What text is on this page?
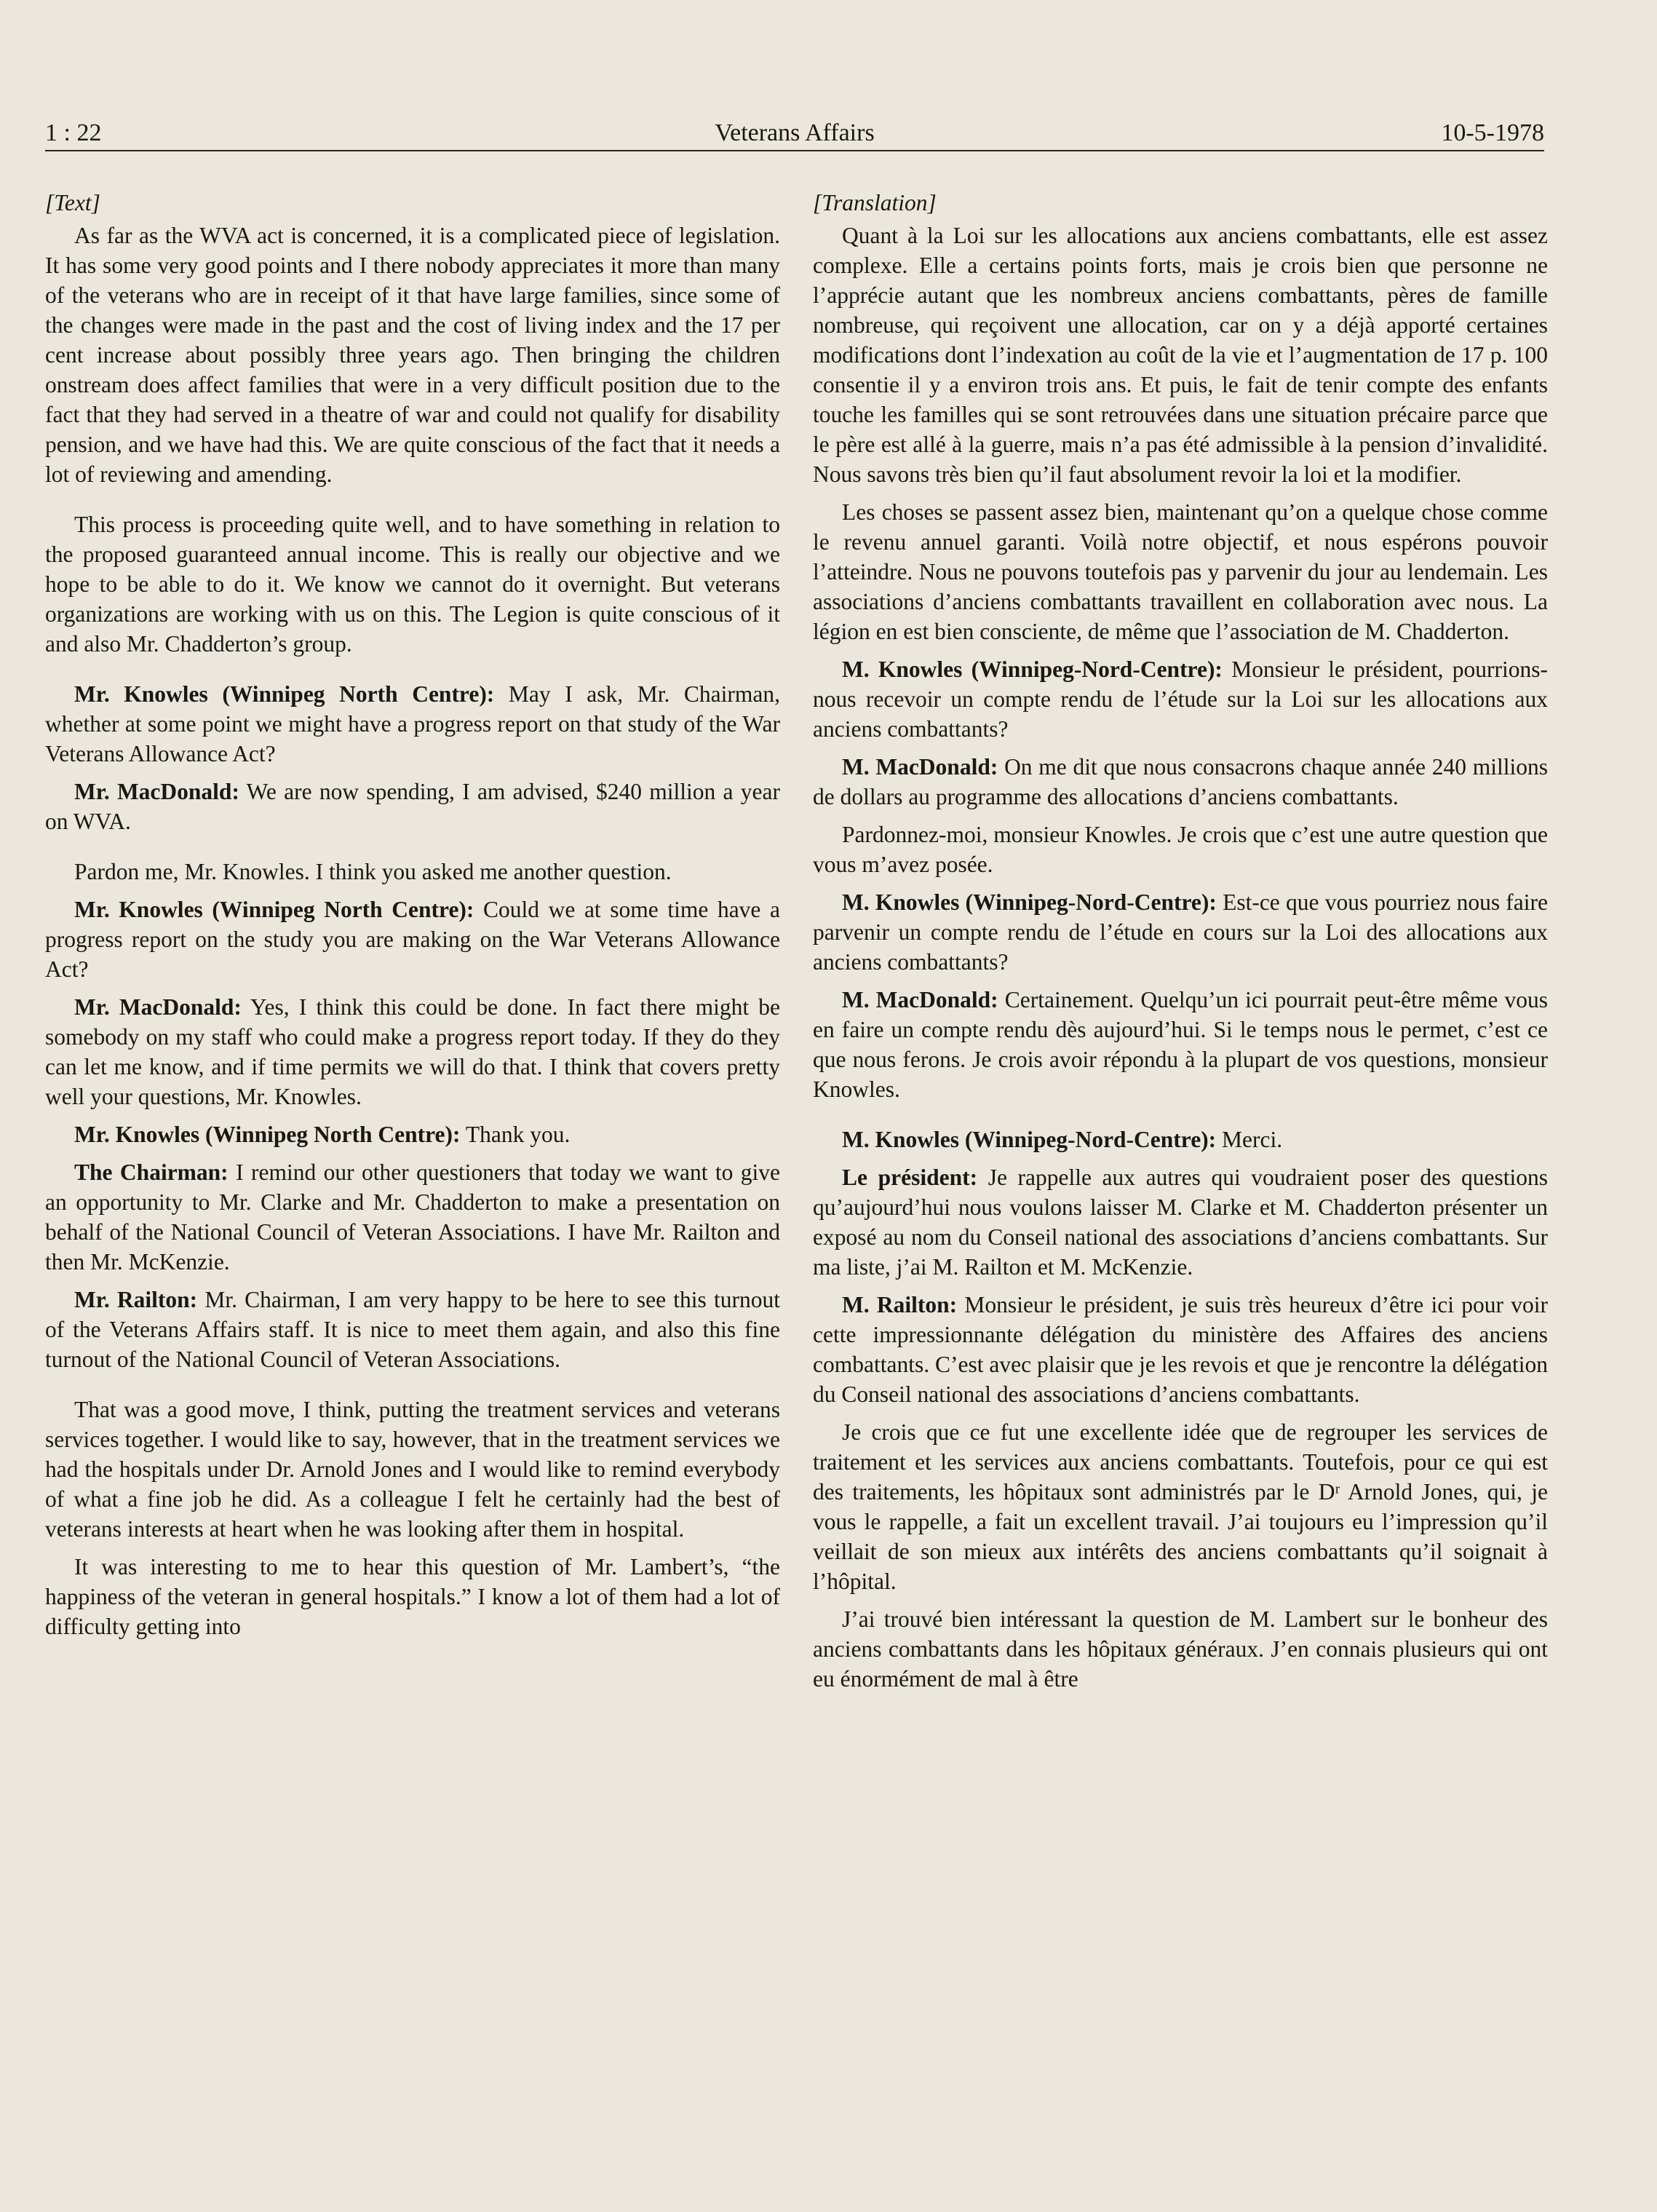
1 : 22	Veterans Affairs	10-5-1978

[Text]

As far as the WVA act is concerned, it is a complicated piece of legislation. It has some very good points and I there nobody appreciates it more than many of the veterans who are in receipt of it that have large families, since some of the changes were made in the past and the cost of living index and the 17 per cent increase about possibly three years ago. Then bringing the children onstream does affect families that were in a very difficult position due to the fact that they had served in a theatre of war and could not qualify for disability pension, and we have had this. We are quite conscious of the fact that it needs a lot of reviewing and amending.

This process is proceeding quite well, and to have something in relation to the proposed guaranteed annual income. This is really our objective and we hope to be able to do it. We know we cannot do it overnight. But veterans organizations are working with us on this. The Legion is quite conscious of it and also Mr. Chadderton’s group.

Mr. Knowles (Winnipeg North Centre): May I ask, Mr. Chairman, whether at some point we might have a progress report on that study of the War Veterans Allowance Act?

Mr. MacDonald: We are now spending, I am advised, $240 million a year on WVA.

Pardon me, Mr. Knowles. I think you asked me another question.

Mr. Knowles (Winnipeg North Centre): Could we at some time have a progress report on the study you are making on the War Veterans Allowance Act?

Mr. MacDonald: Yes, I think this could be done. In fact there might be somebody on my staff who could make a progress report today. If they do they can let me know, and if time permits we will do that. I think that covers pretty well your questions, Mr. Knowles.

Mr. Knowles (Winnipeg North Centre): Thank you.

The Chairman: I remind our other questioners that today we want to give an opportunity to Mr. Clarke and Mr. Chadderton to make a presentation on behalf of the National Council of Veteran Associations. I have Mr. Railton and then Mr. McKenzie.

Mr. Railton: Mr. Chairman, I am very happy to be here to see this turnout of the Veterans Affairs staff. It is nice to meet them again, and also this fine turnout of the National Council of Veteran Associations.

That was a good move, I think, putting the treatment services and veterans services together. I would like to say, however, that in the treatment services we had the hospitals under Dr. Arnold Jones and I would like to remind everybody of what a fine job he did. As a colleague I felt he certainly had the best of veterans interests at heart when he was looking after them in hospital.

It was interesting to me to hear this question of Mr. Lambert’s, “the happiness of the veteran in general hospitals.” I know a lot of them had a lot of difficulty getting into

[Translation]

Quant à la Loi sur les allocations aux anciens combattants, elle est assez complexe. Elle a certains points forts, mais je crois bien que personne ne l’apprécie autant que les nombreux anciens combattants, pères de famille nombreuse, qui reçoivent une allocation, car on y a déjà apporté certaines modifications dont l’indexation au coût de la vie et l’augmentation de 17 p. 100 consentie il y a environ trois ans. Et puis, le fait de tenir compte des enfants touche les familles qui se sont retrouvées dans une situation précaire parce que le père est allé à la guerre, mais n’a pas été admissible à la pension d’invalidité. Nous savons très bien qu’il faut absolument revoir la loi et la modifier.

Les choses se passent assez bien, maintenant qu’on a quelque chose comme le revenu annuel garanti. Voilà notre objectif, et nous espérons pouvoir l’atteindre. Nous ne pouvons toutefois pas y parvenir du jour au lendemain. Les associations d’anciens combattants travaillent en collaboration avec nous. La légion en est bien consciente, de même que l’association de M. Chadderton.

M. Knowles (Winnipeg-Nord-Centre): Monsieur le président, pourrions-nous recevoir un compte rendu de l’étude sur la Loi sur les allocations aux anciens combattants?

M. MacDonald: On me dit que nous consacrons chaque année 240 millions de dollars au programme des allocations d’anciens combattants.

Pardonnez-moi, monsieur Knowles. Je crois que c’est une autre question que vous m’avez posée.

M. Knowles (Winnipeg-Nord-Centre): Est-ce que vous pourriez nous faire parvenir un compte rendu de l’étude en cours sur la Loi des allocations aux anciens combattants?

M. MacDonald: Certainement. Quelqu’un ici pourrait peut-être même vous en faire un compte rendu dès aujourd’hui. Si le temps nous le permet, c’est ce que nous ferons. Je crois avoir répondu à la plupart de vos questions, monsieur Knowles.

M. Knowles (Winnipeg-Nord-Centre): Merci.

Le président: Je rappelle aux autres qui voudraient poser des questions qu’aujourd’hui nous voulons laisser M. Clarke et M. Chadderton présenter un exposé au nom du Conseil national des associations d’anciens combattants. Sur ma liste, j’ai M. Railton et M. McKenzie.

M. Railton: Monsieur le président, je suis très heureux d’être ici pour voir cette impressionnante délégation du ministère des Affaires des anciens combattants. C’est avec plaisir que je les revois et que je rencontre la délégation du Conseil national des associations d’anciens combattants.

Je crois que ce fut une excellente idée que de regrouper les services de traitement et les services aux anciens combattants. Toutefois, pour ce qui est des traitements, les hôpitaux sont administrés par le Dʳ Arnold Jones, qui, je vous le rappelle, a fait un excellent travail. J’ai toujours eu l’impression qu’il veillait de son mieux aux intérêts des anciens combattants qu’il soignait à l’hôpital.

J’ai trouvé bien intéressant la question de M. Lambert sur le bonheur des anciens combattants dans les hôpitaux généraux. J’en connais plusieurs qui ont eu énormément de mal à être
